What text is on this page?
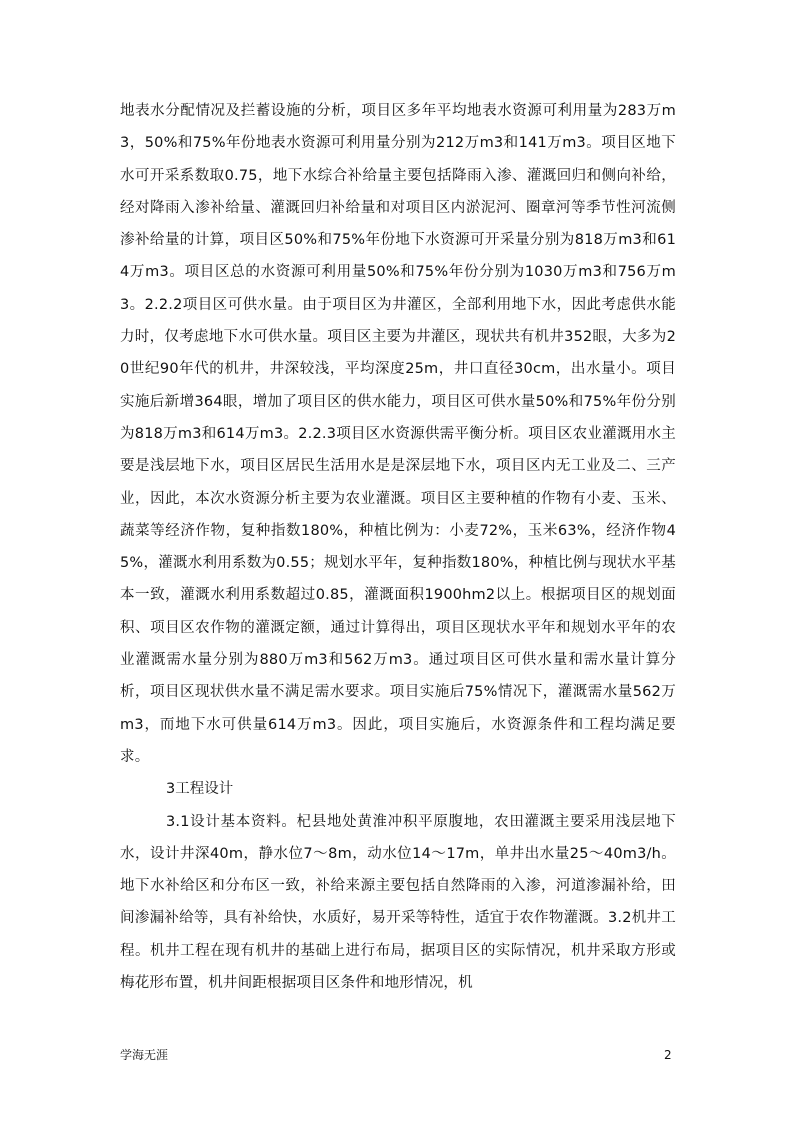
地表水分配情况及拦蓄设施的分析，项目区多年平均地表水资源可利用量为283万m3，50%和75%年份地表水资源可利用量分别为212万m3和141万m3。项目区地下水可开采系数取0.75，地下水综合补给量主要包括降雨入渗、灌溉回归和侧向补给，经对降雨入渗补给量、灌溉回归补给量和对项目区内淤泥河、圈章河等季节性河流侧渗补给量的计算，项目区50%和75%年份地下水资源可开采量分别为818万m3和614万m3。项目区总的水资源可利用量50%和75%年份分别为1030万m3和756万m3。2.2.2项目区可供水量。由于项目区为井灌区，全部利用地下水，因此考虑供水能力时，仅考虑地下水可供水量。项目区主要为井灌区，现状共有机井352眼，大多为20世纪90年代的机井，井深较浅，平均深度25m，井口直径30cm，出水量小。项目实施后新增364眼，增加了项目区的供水能力，项目区可供水量50%和75%年份分别为818万m3和614万m3。2.2.3项目区水资源供需平衡分析。项目区农业灌溉用水主要是浅层地下水，项目区居民生活用水是是深层地下水，项目区内无工业及二、三产业，因此，本次水资源分析主要为农业灌溉。项目区主要种植的作物有小麦、玉米、蔬菜等经济作物，复种指数180%，种植比例为：小麦72%，玉米63%，经济作物45%，灌溉水利用系数为0.55；规划水平年，复种指数180%，种植比例与现状水平基本一致，灌溉水利用系数超过0.85，灌溉面积1900hm2以上。根据项目区的规划面积、项目区农作物的灌溉定额，通过计算得出，项目区现状水平年和规划水平年的农业灌溉需水量分别为880万m3和562万m3。通过项目区可供水量和需水量计算分析，项目区现状供水量不满足需水要求。项目实施后75%情况下，灌溉需水量562万m3，而地下水可供量614万m3。因此，项目实施后，水资源条件和工程均满足要求。

3工程设计

3.1设计基本资料。杞县地处黄淮冲积平原腹地，农田灌溉主要采用浅层地下水，设计井深40m，静水位7～8m，动水位14～17m，单井出水量25～40m3/h。地下水补给区和分布区一致，补给来源主要包括自然降雨的入渗，河道渗漏补给，田间渗漏补给等，具有补给快，水质好，易开采等特性，适宜于农作物灌溉。3.2机井工程。机井工程在现有机井的基础上进行布局，据项目区的实际情况，机井采取方形或梅花形布置，机井间距根据项目区条件和地形情况，机

学海无涯	2
